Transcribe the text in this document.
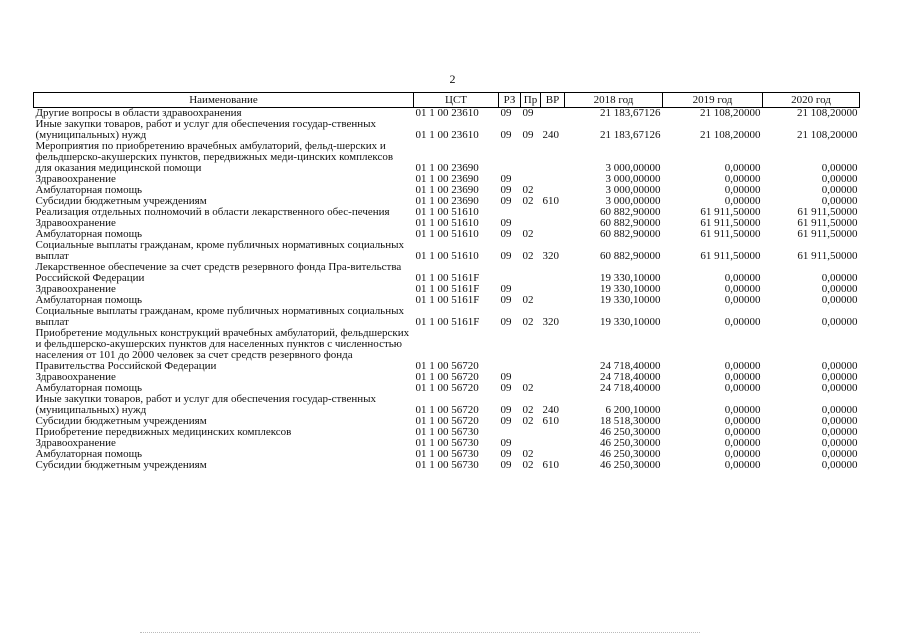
2
Наименование	ЦСТ	РЗ	Пр	ВР	2018 год	2019 год	2020 год
Другие вопросы в области здравоохранения	01 1 00 23610	09	09		21 183,67126	21 108,20000	21 108,20000
Иные закупки товаров, работ и услуг для обеспечения государ-ственных (муниципальных) нужд	01 1 00 23610	09	09	240	21 183,67126	21 108,20000	21 108,20000
Мероприятия по приобретению врачебных амбулаторий, фельд-шерских и фельдшерско-акушерских пунктов, передвижных меди-цинских комплексов для оказания медицинской помощи	01 1 00 23690				3 000,00000	0,00000	0,00000
Здравоохранение	01 1 00 23690	09			3 000,00000	0,00000	0,00000
Амбулаторная помощь	01 1 00 23690	09	02		3 000,00000	0,00000	0,00000
Субсидии бюджетным учреждениям	01 1 00 23690	09	02	610	3 000,00000	0,00000	0,00000
Реализация отдельных полномочий в области лекарственного обес-печения	01 1 00 51610				60 882,90000	61 911,50000	61 911,50000
Здравоохранение	01 1 00 51610	09			60 882,90000	61 911,50000	61 911,50000
Амбулаторная помощь	01 1 00 51610	09	02		60 882,90000	61 911,50000	61 911,50000
Социальные выплаты гражданам, кроме публичных нормативных социальных выплат	01 1 00 51610	09	02	320	60 882,90000	61 911,50000	61 911,50000
Лекарственное обеспечение за счет средств резервного фонда Пра-вительства Российской Федерации	01 1 00 5161F				19 330,10000	0,00000	0,00000
Здравоохранение	01 1 00 5161F	09			19 330,10000	0,00000	0,00000
Амбулаторная помощь	01 1 00 5161F	09	02		19 330,10000	0,00000	0,00000
Социальные выплаты гражданам, кроме публичных нормативных социальных выплат	01 1 00 5161F	09	02	320	19 330,10000	0,00000	0,00000
Приобретение модульных конструкций врачебных амбулаторий, фельдшерских и фельдшерско-акушерских пунктов для населенных пунктов с численностью населения от 101 до 2000 человек за счет средств резервного фонда Правительства Российской Федерации	01 1 00 56720				24 718,40000	0,00000	0,00000
Здравоохранение	01 1 00 56720	09			24 718,40000	0,00000	0,00000
Амбулаторная помощь	01 1 00 56720	09	02		24 718,40000	0,00000	0,00000
Иные закупки товаров, работ и услуг для обеспечения государ-ственных (муниципальных) нужд	01 1 00 56720	09	02	240	6 200,10000	0,00000	0,00000
Субсидии бюджетным учреждениям	01 1 00 56720	09	02	610	18 518,30000	0,00000	0,00000
Приобретение передвижных медицинских комплексов	01 1 00 56730				46 250,30000	0,00000	0,00000
Здравоохранение	01 1 00 56730	09			46 250,30000	0,00000	0,00000
Амбулаторная помощь	01 1 00 56730	09	02		46 250,30000	0,00000	0,00000
Субсидии бюджетным учреждениям	01 1 00 56730	09	02	610	46 250,30000	0,00000	0,00000
